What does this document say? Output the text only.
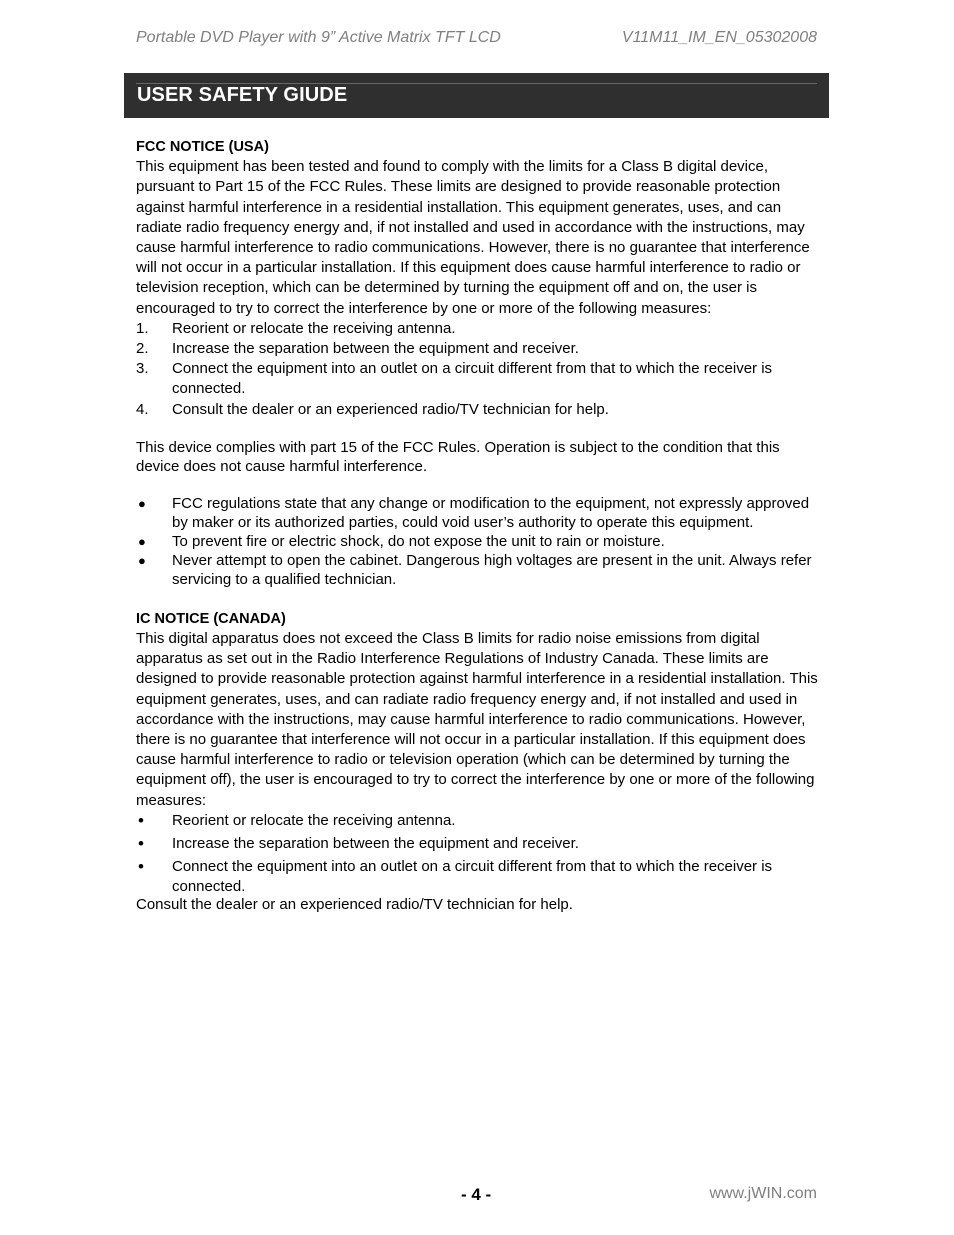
Portable DVD Player with 9” Active Matrix TFT LCD	V11M11_IM_EN_05302008
USER SAFETY GIUDE
FCC NOTICE (USA)

This equipment has been tested and found to comply with the limits for a Class B digital device, pursuant to Part 15 of the FCC Rules. These limits are designed to provide reasonable protection against harmful interference in a residential installation. This equipment generates, uses, and can radiate radio frequency energy and, if not installed and used in accordance with the instructions, may cause harmful interference to radio communications. However, there is no guarantee that interference will not occur in a particular installation. If this equipment does cause harmful interference to radio or television reception, which can be determined by turning the equipment off and on, the user is encouraged to try to correct the interference by one or more of the following measures:

1. Reorient or relocate the receiving antenna.
2. Increase the separation between the equipment and receiver.
3. Connect the equipment into an outlet on a circuit different from that to which the receiver is connected.
4. Consult the dealer or an experienced radio/TV technician for help.

This device complies with part 15 of the FCC Rules. Operation is subject to the condition that this device does not cause harmful interference.

● FCC regulations state that any change or modification to the equipment, not expressly approved by maker or its authorized parties, could void user’s authority to operate this equipment.
● To prevent fire or electric shock, do not expose the unit to rain or moisture.
● Never attempt to open the cabinet. Dangerous high voltages are present in the unit. Always refer servicing to a qualified technician.
IC NOTICE (CANADA)

This digital apparatus does not exceed the Class B limits for radio noise emissions from digital apparatus as set out in the Radio Interference Regulations of Industry Canada. These limits are designed to provide reasonable protection against harmful interference in a residential installation. This equipment generates, uses, and can radiate radio frequency energy and, if not installed and used in accordance with the instructions, may cause harmful interference to radio communications. However, there is no guarantee that interference will not occur in a particular installation. If this equipment does cause harmful interference to radio or television operation (which can be determined by turning the equipment off), the user is encouraged to try to correct the interference by one or more of the following measures:

• Reorient or relocate the receiving antenna.
• Increase the separation between the equipment and receiver.
• Connect the equipment into an outlet on a circuit different from that to which the receiver is connected.

Consult the dealer or an experienced radio/TV technician for help.

- 4 -	www.jWIN.com
